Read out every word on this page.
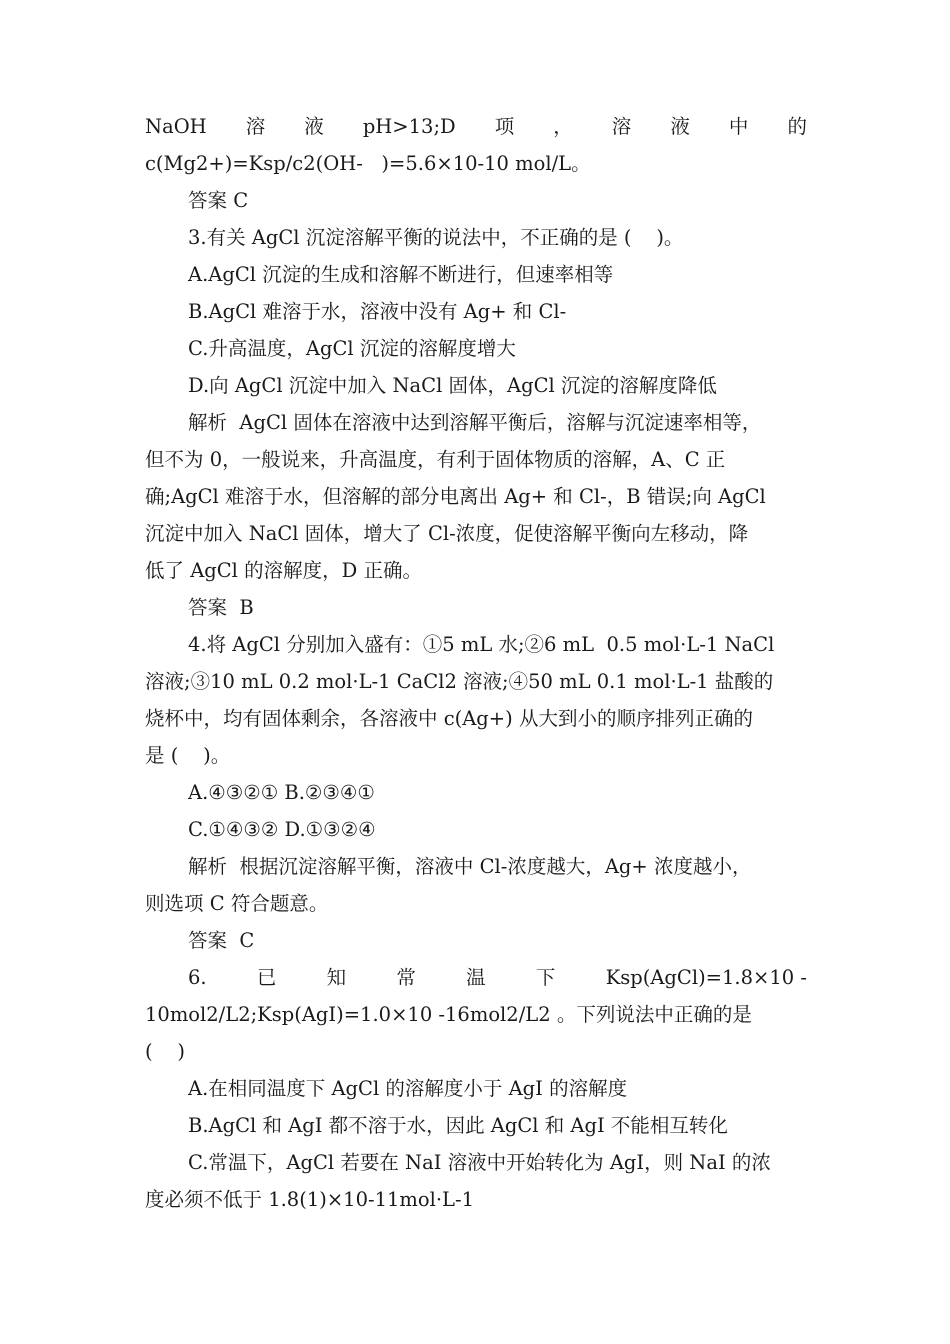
NaOH 溶 液 pH>13;D 项 ， 溶 液 中 的
c(Mg2+)=Ksp/c2(OH-   )=5.6×10-10 mol/L。
答案 C
3.有关 AgCl 沉淀溶解平衡的说法中，不正确的是 (    )。
A.AgCl 沉淀的生成和溶解不断进行，但速率相等
B.AgCl 难溶于水，溶液中没有 Ag+ 和 Cl-
C.升高温度，AgCl 沉淀的溶解度增大
D.向 AgCl 沉淀中加入 NaCl 固体，AgCl 沉淀的溶解度降低
解析  AgCl 固体在溶液中达到溶解平衡后，溶解与沉淀速率相等，
但不为 0，一般说来，升高温度，有利于固体物质的溶解，A、C 正
确;AgCl 难溶于水，但溶解的部分电离出 Ag+ 和 Cl-，B 错误;向 AgCl
沉淀中加入 NaCl 固体，增大了 Cl-浓度，促使溶解平衡向左移动，降
低了 AgCl 的溶解度，D 正确。
答案  B
4.将 AgCl 分别加入盛有：①5 mL 水;②6 mL  0.5 mol·L-1 NaCl
溶液;③10 mL 0.2 mol·L-1 CaCl2 溶液;④50 mL 0.1 mol·L-1 盐酸的
烧杯中，均有固体剩余，各溶液中 c(Ag+) 从大到小的顺序排列正确的
是 (    )。
A.④③②① B.②③④①
C.①④③② D.①③②④
解析  根据沉淀溶解平衡，溶液中 Cl-浓度越大，Ag+ 浓度越小，
则选项 C 符合题意。
答案  C
6.	已	知	常	温	下	Ksp(AgCl)=1.8×10 -
10mol2/L2;Ksp(AgI)=1.0×10 -16mol2/L2 。下列说法中正确的是
(    )
A.在相同温度下 AgCl 的溶解度小于 AgI 的溶解度
B.AgCl 和 AgI 都不溶于水，因此 AgCl 和 AgI 不能相互转化
C.常温下，AgCl 若要在 NaI 溶液中开始转化为 AgI，则 NaI 的浓
度必须不低于 1.8(1)×10-11mol·L-1
